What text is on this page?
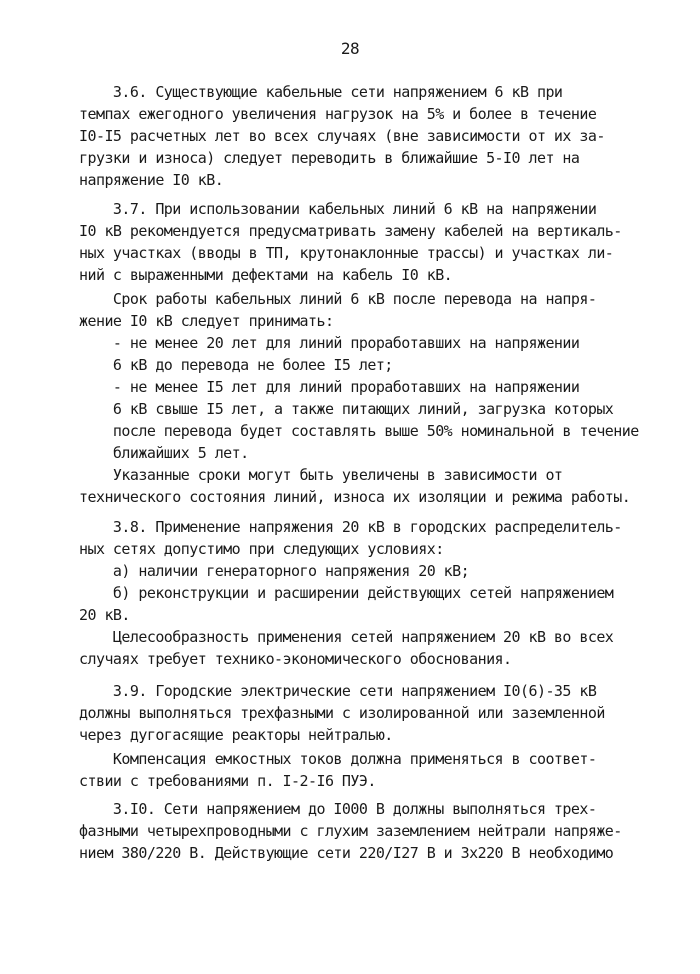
28
3.6. Существующие кабельные сети напряжением 6 кВ при
темпах ежегодного увеличения нагрузок на 5% и более в течение
I0-I5 расчетных лет во всех случаях (вне зависимости от их за-
грузки и износа) следует переводить в ближайшие 5-I0 лет на
напряжение I0 кВ.
3.7. При использовании кабельных линий 6 кВ на напряжении
I0 кВ рекомендуется предусматривать замену кабелей на вертикаль-
ных участках (вводы в ТП, крутонаклонные трассы) и участках ли-
ний с выраженными дефектами на кабель I0 кВ.
Срок работы кабельных линий 6 кВ после перевода на напря-
жение I0 кВ следует принимать:
- не менее 20 лет для линий проработавших на напряжении
6 кВ до перевода не более I5 лет;
- не менее I5 лет для линий проработавших на напряжении
6 кВ свыше I5 лет, а также питающих линий, загрузка которых
после перевода будет составлять выше 50% номинальной в течение
ближайших 5 лет.
Указанные сроки могут быть увеличены в зависимости от
технического состояния линий, износа их изоляции и режима работы.
3.8. Применение напряжения 20 кВ в городских распределитель-
ных сетях допустимо при следующих условиях:
а) наличии генераторного напряжения 20 кВ;
б) реконструкции и расширении действующих сетей напряжением
20 кВ.
Целесообразность применения сетей напряжением 20 кВ во всех
случаях требует технико-экономического обоснования.
3.9. Городские электрические сети напряжением I0(6)-35 кВ
должны выполняться трехфазными с изолированной или заземленной
через дугогасящие реакторы нейтралью.
Компенсация емкостных токов должна применяться в соответ-
ствии с требованиями п. I-2-I6 ПУЭ.
3.I0. Сети напряжением до I000 В должны выполняться трех-
фазными четырехпроводными с глухим заземлением нейтрали напряже-
нием 380/220 В. Действующие сети 220/I27 В и 3х220 В необходимо
